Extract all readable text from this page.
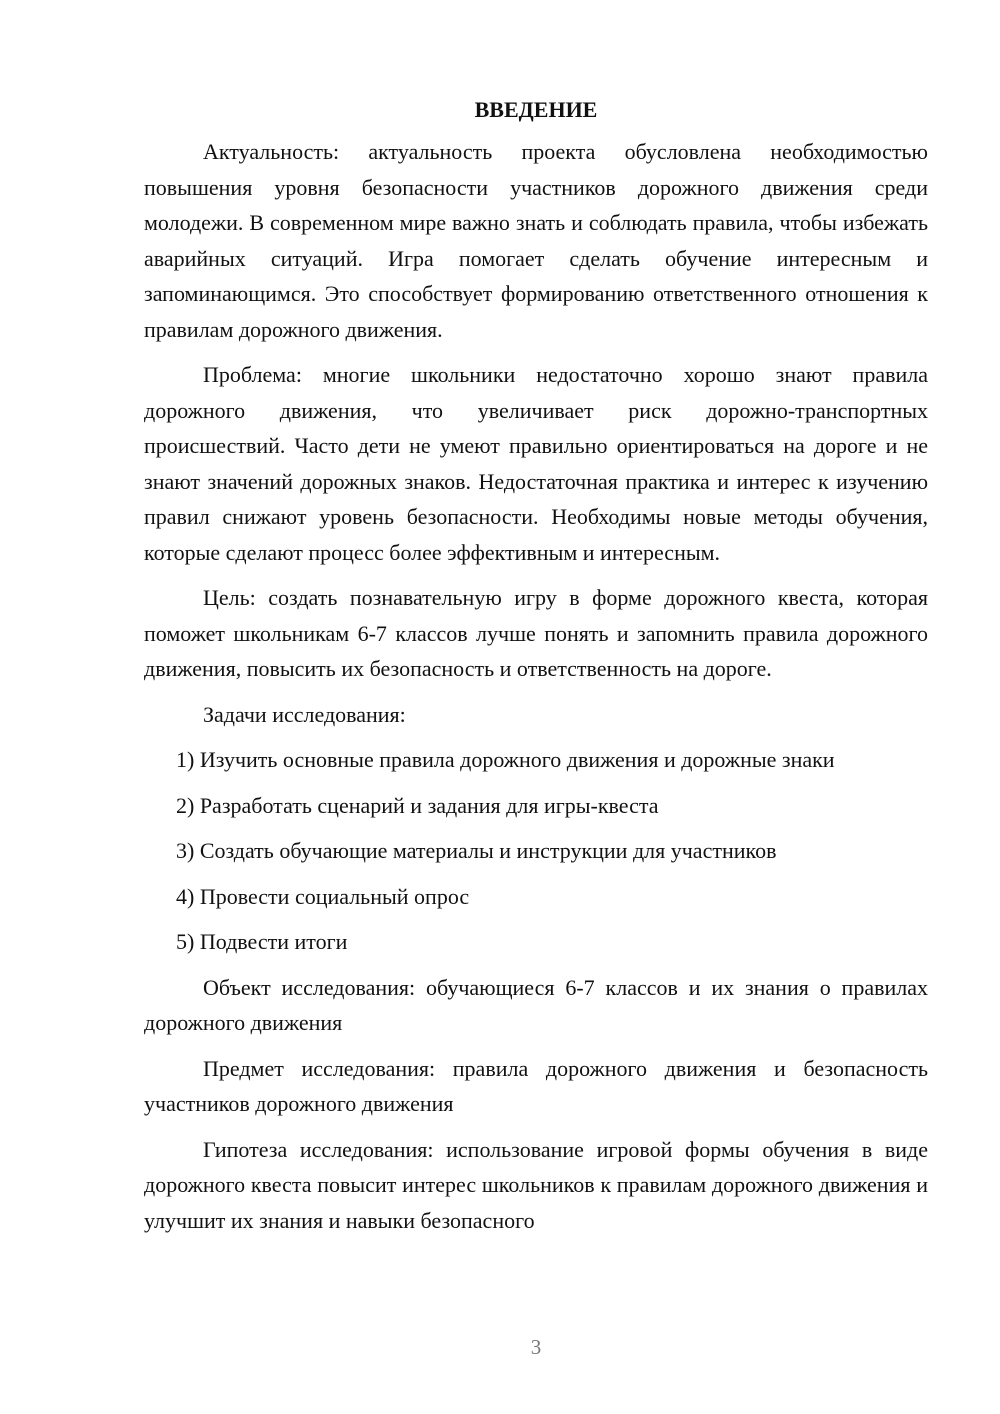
ВВЕДЕНИЕ

Актуальность: актуальность проекта обусловлена необходимостью повышения уровня безопасности участников дорожного движения среди молодежи. В современном мире важно знать и соблюдать правила, чтобы избежать аварийных ситуаций. Игра помогает сделать обучение интересным и запоминающимся. Это способствует формированию ответственного отношения к правилам дорожного движения.

Проблема: многие школьники недостаточно хорошо знают правила дорожного движения, что увеличивает риск дорожно-транспортных происшествий. Часто дети не умеют правильно ориентироваться на дороге и не знают значений дорожных знаков. Недостаточная практика и интерес к изучению правил снижают уровень безопасности. Необходимы новые методы обучения, которые сделают процесс более эффективным и интересным.

Цель: создать познавательную игру в форме дорожного квеста, которая поможет школьникам 6-7 классов лучше понять и запомнить правила дорожного движения, повысить их безопасность и ответственность на дороге.

Задачи исследования:

1) Изучить основные правила дорожного движения и дорожные знаки
2) Разработать сценарий и задания для игры-квеста
3) Создать обучающие материалы и инструкции для участников
4) Провести социальный опрос
5) Подвести итоги

Объект исследования: обучающиеся 6-7 классов и их знания о правилах дорожного движения

Предмет исследования: правила дорожного движения и безопасность участников дорожного движения

Гипотеза исследования: использование игровой формы обучения в виде дорожного квеста повысит интерес школьников к правилам дорожного движения и улучшит их знания и навыки безопасного

3
